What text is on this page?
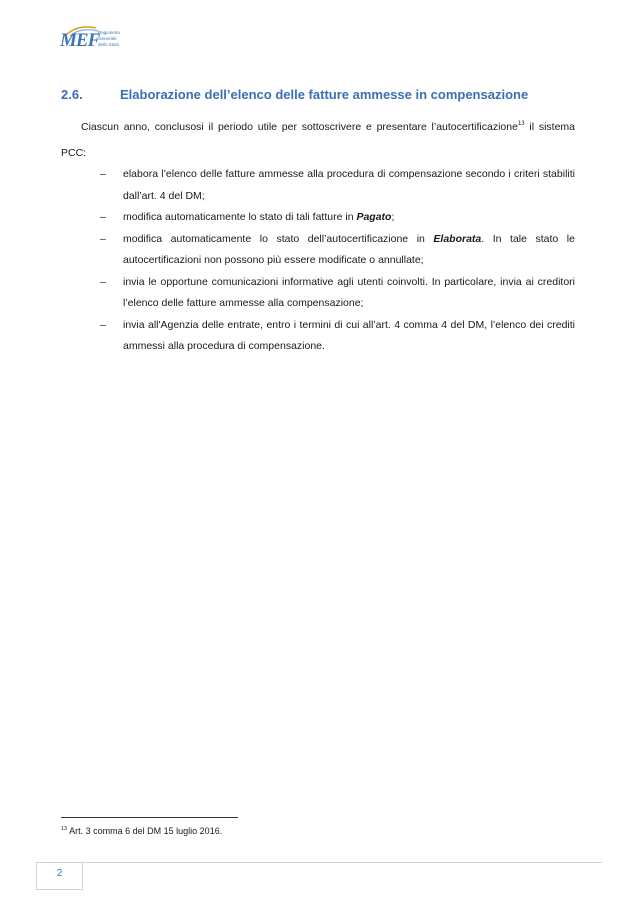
MEF
Ragioneria
Generale
dello Stato
2.6.	Elaborazione dell’elenco delle fatture ammesse in compensazione
Ciascun anno, conclusosi il periodo utile per sottoscrivere e presentare l’autocertificazione$^{13}$ il sistema PCC:
– elabora l’elenco delle fatture ammesse alla procedura di compensazione secondo i criteri stabiliti dall’art. 4 del DM;
– modifica automaticamente lo stato di tali fatture in Pagato;
– modifica automaticamente lo stato dell’autocertificazione in Elaborata. In tale stato le autocertificazioni non possono più essere modificate o annullate;
– invia le opportune comunicazioni informative agli utenti coinvolti. In particolare, invia ai creditori l’elenco delle fatture ammesse alla compensazione;
– invia all'Agenzia delle entrate, entro i termini di cui all’art. 4 comma 4 del DM, l’elenco dei crediti ammessi alla procedura di compensazione.
$^{13}$ Art. 3 comma 6 del DM 15 luglio 2016.
2
